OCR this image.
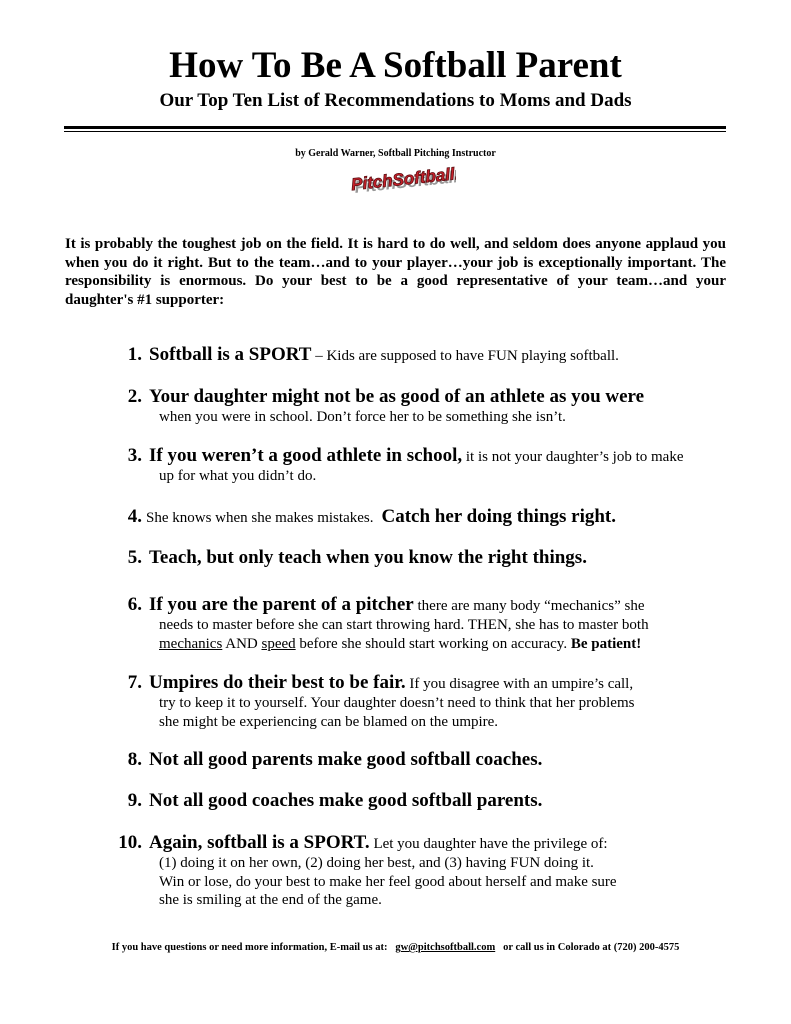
How To Be A Softball Parent
Our Top Ten List of Recommendations to Moms and Dads
by Gerald Warner, Softball Pitching Instructor
PitchSoftball.com
PitchSoftball.com
It is probably the toughest job on the field. It is hard to do well, and seldom does anyone applaud you when you do it right. But to the team…and to your player…your job is exceptionally important. The responsibility is enormous. Do your best to be a good representative of your team…and your daughter's #1 supporter:
1. Softball is a SPORT – Kids are supposed to have FUN playing softball.
2. Your daughter might not be as good of an athlete as you were
when you were in school. Don’t force her to be something she isn’t.
3. If you weren’t a good athlete in school, it is not your daughter’s job to make
up for what you didn’t do.
4. She knows when she makes mistakes. Catch her doing things right.
5. Teach, but only teach when you know the right things.
6. If you are the parent of a pitcher there are many body “mechanics” she
needs to master before she can start throwing hard. THEN, she has to master both
mechanics AND speed before she should start working on accuracy. Be patient!
7. Umpires do their best to be fair. If you disagree with an umpire’s call,
try to keep it to yourself. Your daughter doesn’t need to think that her problems
she might be experiencing can be blamed on the umpire.
8. Not all good parents make good softball coaches.
9. Not all good coaches make good softball parents.
10. Again, softball is a SPORT. Let you daughter have the privilege of:
(1) doing it on her own, (2) doing her best, and (3) having FUN doing it.
Win or lose, do your best to make her feel good about herself and make sure
she is smiling at the end of the game.
If you have questions or need more information, E-mail us at: gw@pitchsoftball.com or call us in Colorado at (720) 200-4575
